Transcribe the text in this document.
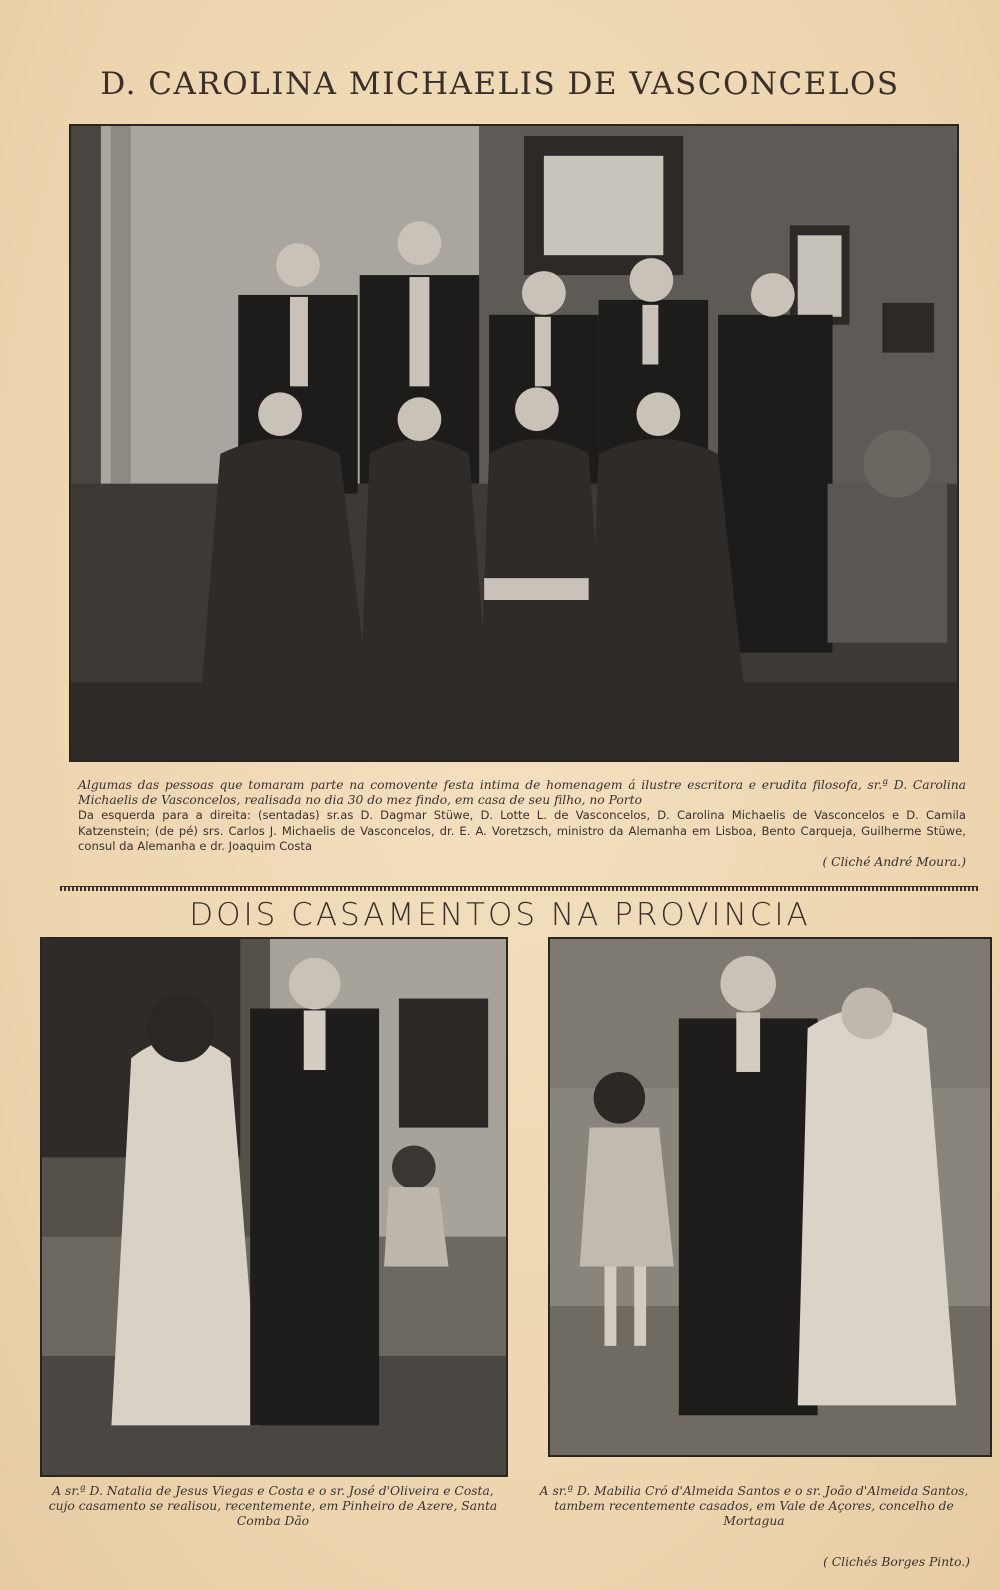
D. CAROLINA MICHAELIS DE VASCONCELOS
Algumas das pessoas que tomaram parte na comovente festa intima de homenagem á ilustre escritora e erudita filosofa, sr.ª D. Carolina Michaelis de Vasconcelos, realisada no dia 30 do mez findo, em casa de seu filho, no Porto
Da esquerda para a direita: (sentadas) sr.as D. Dagmar Stüwe, D. Lotte L. de Vasconcelos, D. Carolina Michaelis de Vasconcelos e D. Camila Katzenstein; (de pé) srs. Carlos J. Michaelis de Vasconcelos, dr. E. A. Voretzsch, ministro da Alemanha em Lisboa, Bento Carqueja, Guilherme Stüwe, consul da Alemanha e dr. Joaquim Costa
( Cliché André Moura.)
DOIS CASAMENTOS NA PROVINCIA
A sr.ª D. Natalia de Jesus Viegas e Costa e o sr. José d'Oliveira e Costa, cujo casamento se realisou, recentemente, em Pinheiro de Azere, Santa Comba Dão
A sr.ª D. Mabilia Cró d'Almeida Santos e o sr. João d'Almeida Santos, tambem recentemente casados, em Vale de Açores, concelho de Mortagua
( Clichés Borges Pinto.)
